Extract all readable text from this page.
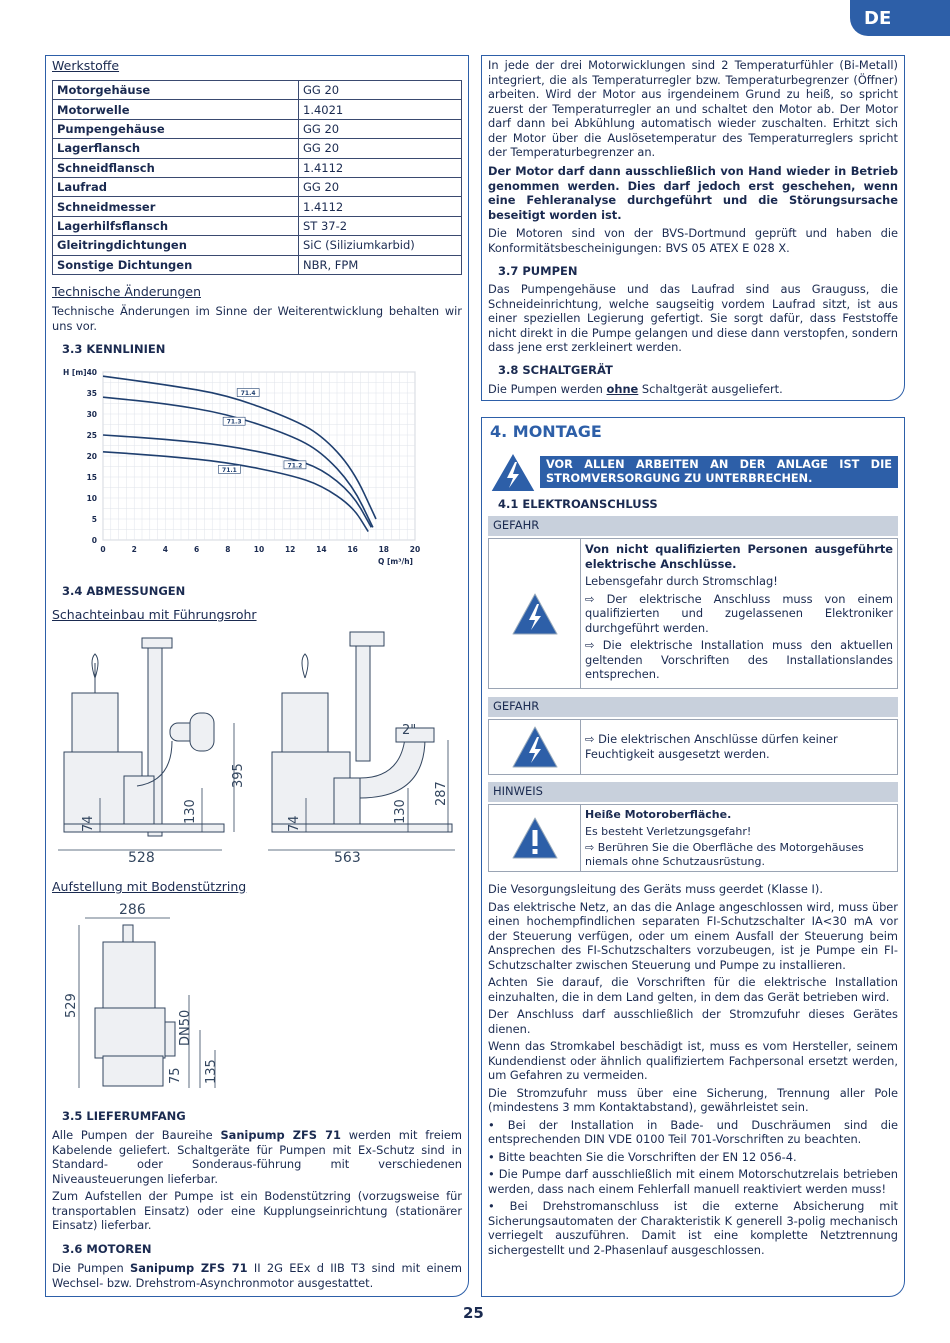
DE
Werkstoffe
Motorgehäuse	GG 20
Motorwelle	1.4021
Pumpengehäuse	GG 20
Lagerflansch	GG 20
Schneidflansch	1.4112
Laufrad	GG 20
Schneidmesser	1.4112
Lagerhilfsflansch	ST 37-2
Gleitringdichtungen	SiC (Siliziumkarbid)
Sonstige Dichtungen	NBR, FPM
Technische Änderungen
Technische Änderungen im Sinne der Weiterentwicklung behalten wir uns vor.
3.3 KENNLINIEN
0	2	4	6	8	10	12	14	16	18	20
0
5
10
15
20
25
30
35
40
H [m]
Q [m³/h]
71.4
71.3
71.2
71.1
3.4 ABMESSUNGEN
Schachteinbau mit Führungsrohr
528
395
130
74
563
287
130
74
2"
Aufstellung mit Bodenstützring
286
529
DN50
75 135
3.5 LIEFERUMFANG
Alle Pumpen der Baureihe Sanipump ZFS 71 werden mit freiem Kabelende geliefert. Schaltgeräte für Pumpen mit Ex-Schutz sind in Standard- oder Sonderaus-führung mit verschiedenen Niveausteuerungen lieferbar.
Zum Aufstellen der Pumpe ist ein Bodenstützring (vorzugsweise für transportablen Einsatz) oder eine Kupplungseinrichtung (stationärer Einsatz) lieferbar.
3.6 MOTOREN
Die Pumpen Sanipump ZFS 71 II 2G EEx d IIB T3 sind mit einem Wechsel- bzw. Drehstrom-Asynchronmotor ausgestattet.
In jede der drei Motorwicklungen sind 2 Temperaturfühler (Bi-Metall) integriert, die als Temperaturregler bzw. Temperaturbegrenzer (Öffner) arbeiten. Wird der Motor aus irgendeinem Grund zu heiß, so spricht zuerst der Temperaturregler an und schaltet den Motor ab. Der Motor darf dann bei Abkühlung automatisch wieder zuschalten. Erhitzt sich der Motor über die Auslösetemperatur des Temperaturreglers spricht der Temperaturbegrenzer an.
Der Motor darf dann ausschließlich von Hand wieder in Betrieb genommen werden. Dies darf jedoch erst geschehen, wenn eine Fehleranalyse durchgeführt und die Störungsursache beseitigt worden ist.
Die Motoren sind von der BVS-Dortmund geprüft und haben die Konformitätsbescheinigungen: BVS 05 ATEX E 028 X.
3.7 PUMPEN
Das Pumpengehäuse und das Laufrad sind aus Grauguss, die Schneideinrichtung, welche saugseitig vordem Laufrad sitzt, ist aus einer speziellen Legierung gefertigt. Sie sorgt dafür, dass Feststoffe nicht direkt in die Pumpe gelangen und diese dann verstopfen, sondern dass jene erst zerkleinert werden.
3.8 SCHALTGERÄT
Die Pumpen werden ohne Schaltgerät ausgeliefert.
4. MONTAGE
VOR ALLEN ARBEITEN AN DER ANLAGE IST DIE STROMVERSORGUNG ZU UNTERBRECHEN.
4.1 ELEKTROANSCHLUSS
GEFAHR
Von nicht qualifizierten Personen ausgeführte elektrische Anschlüsse.
Lebensgefahr durch Stromschlag!
⇨ Der elektrische Anschluss muss von einem qualifizierten und zugelassenen Elektroniker durchgeführt werden.
⇨ Die elektrische Installation muss den aktuellen geltenden Vorschriften des Installationslandes entsprechen.
GEFAHR
⇨ Die elektrischen Anschlüsse dürfen keiner Feuchtigkeit ausgesetzt werden.
HINWEIS
Heiße Motoroberfläche.
Es besteht Verletzungsgefahr!
⇨ Berühren Sie die Oberfläche des Motorgehäuses niemals ohne Schutzausrüstung.

Die Vesorgungsleitung des Geräts muss geerdet (Klasse I).

Das elektrische Netz, an das die Anlage angeschlossen wird, muss über einen hochempfindlichen separaten FI-Schutzschalter IA<30 mA vor der Steuerung verfügen, oder um einem Ausfall der Steuerung beim Ansprechen des FI-Schutzschalters vorzubeugen, ist je Pumpe ein FI-Schutzschalter zwischen Steuerung und Pumpe zu installieren.

Achten Sie darauf, die Vorschriften für die elektrische Installation einzuhalten, die in dem Land gelten, in dem das Gerät betrieben wird.

Der Anschluss darf ausschließlich der Stromzufuhr dieses Gerätes dienen.

Wenn das Stromkabel beschädigt ist, muss es vom Hersteller, seinem Kundendienst oder ähnlich qualifiziertem Fachpersonal ersetzt werden, um Gefahren zu vermeiden.

Die Stromzufuhr muss über eine Sicherung, Trennung aller Pole (mindestens 3 mm Kontaktabstand), gewährleistet sein.

• Bei der Installation in Bade- und Duschräumen sind die entsprechenden DIN VDE 0100 Teil 701-Vorschriften zu beachten.

• Bitte beachten Sie die Vorschriften der EN 12 056-4.

• Die Pumpe darf ausschließlich mit einem Motorschutzrelais betrieben werden, dass nach einem Fehlerfall manuell reaktiviert werden muss!

• Bei Drehstromanschluss ist die externe Absicherung mit Sicherungsautomaten der Charakteristik K generell 3-polig mechanisch verriegelt auszuführen. Damit ist eine komplette Netztrennung sichergestellt und 2-Phasenlauf ausgeschlossen.

25
